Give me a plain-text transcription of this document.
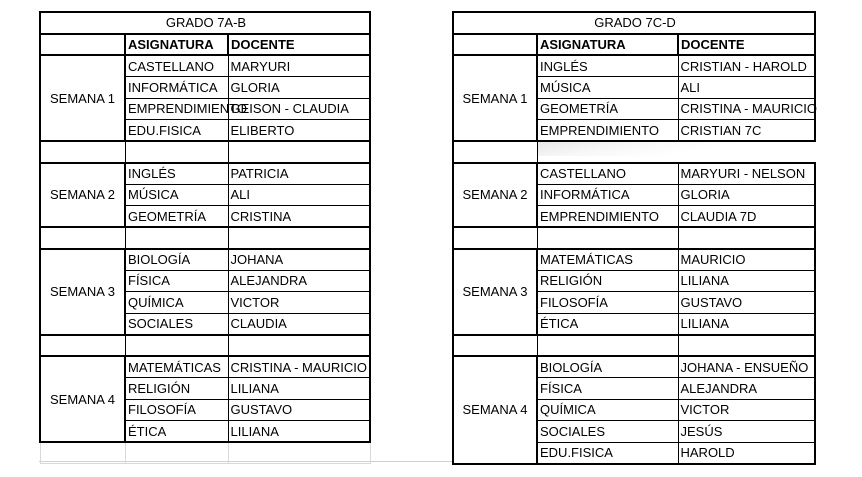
GRADO 7A-B		
	ASIGNATURA	DOCENTE
SEMANA 1	CASTELLANO	MARYURI
	INFORMÁTICA	GLORIA
	EMPRENDIMIENTO	GEISON - CLAUDIA
	EDU.FISICA	ELIBERTO

SEMANA 2	INGLÉS	PATRICIA
	MÚSICA	ALI
	GEOMETRÍA	CRISTINA

SEMANA 3	BIOLOGÍA	JOHANA
	FÍSICA	ALEJANDRA
	QUÍMICA	VICTOR
	SOCIALES	CLAUDIA

SEMANA 4	MATEMÁTICAS	CRISTINA - MAURICIO
	RELIGIÓN	LILIANA
	FILOSOFÍA	GUSTAVO
	ÉTICA	LILIANA

GRADO 7C-D		
	ASIGNATURA	DOCENTE
SEMANA 1	INGLÉS	CRISTIAN - HAROLD
	MÚSICA	ALI
	GEOMETRÍA	CRISTINA - MAURICIO
	EMPRENDIMIENTO	CRISTIAN 7C

SEMANA 2	CASTELLANO	MARYURI - NELSON
	INFORMÁTICA	GLORIA
	EMPRENDIMIENTO	CLAUDIA 7D

SEMANA 3	MATEMÁTICAS	MAURICIO
	RELIGIÓN	LILIANA
	FILOSOFÍA	GUSTAVO
	ÉTICA	LILIANA

SEMANA 4	BIOLOGÍA	JOHANA - ENSUEÑO
	FÍSICA	ALEJANDRA
	QUÍMICA	VICTOR
	SOCIALES	JESÚS
	EDU.FISICA	HAROLD
